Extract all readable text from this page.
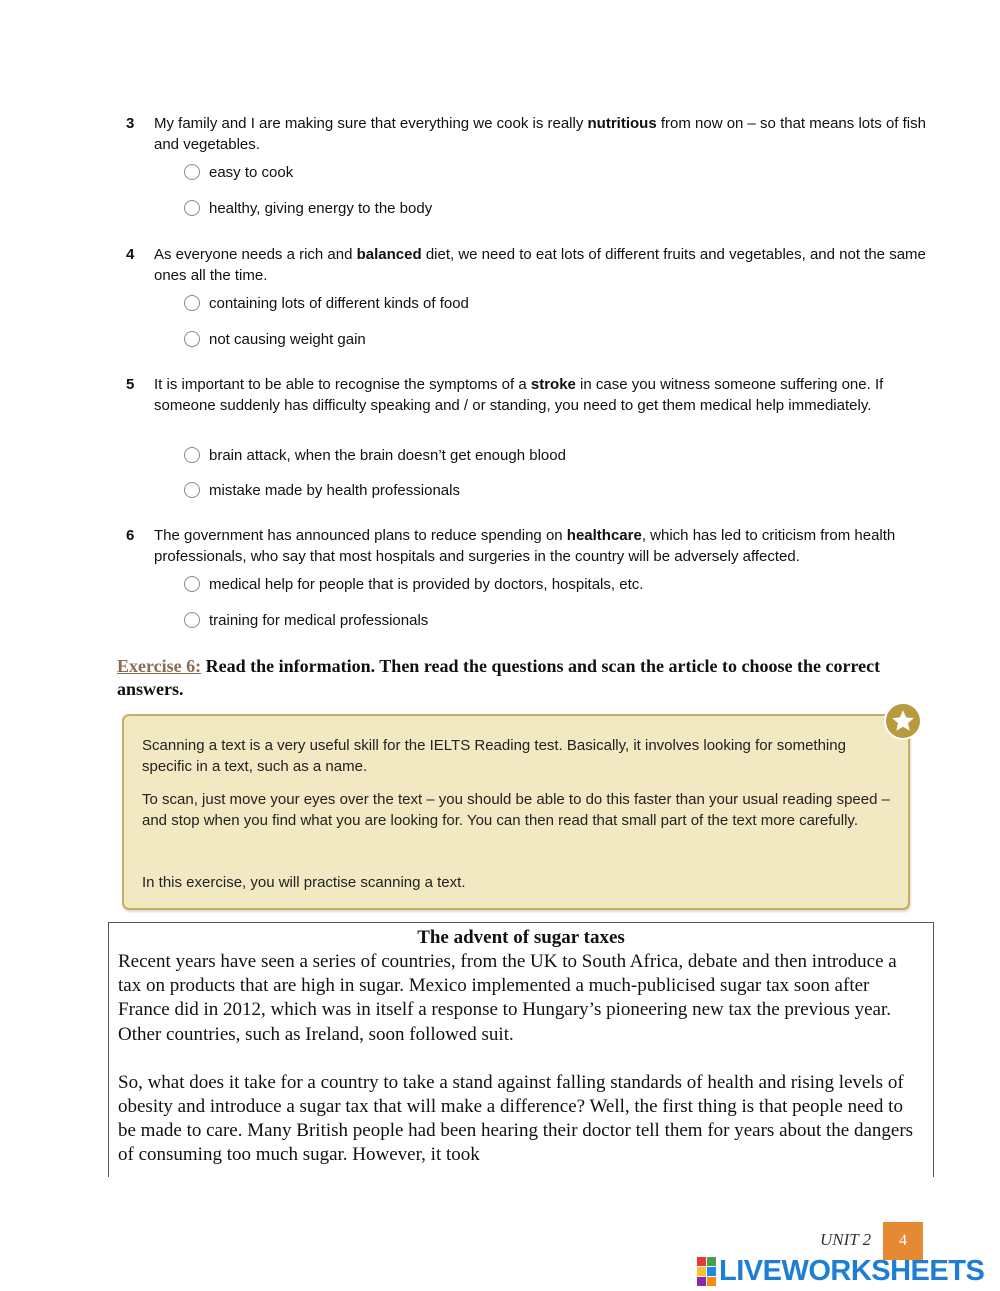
3 My family and I are making sure that everything we cook is really nutritious from now on – so that means lots of fish and vegetables.
easy to cook
healthy, giving energy to the body
4 As everyone needs a rich and balanced diet, we need to eat lots of different fruits and vegetables, and not the same ones all the time.
containing lots of different kinds of food
not causing weight gain
5 It is important to be able to recognise the symptoms of a stroke in case you witness someone suffering one. If someone suddenly has difficulty speaking and / or standing, you need to get them medical help immediately.
brain attack, when the brain doesn’t get enough blood
mistake made by health professionals
6 The government has announced plans to reduce spending on healthcare, which has led to criticism from health professionals, who say that most hospitals and surgeries in the country will be adversely affected.
medical help for people that is provided by doctors, hospitals, etc.
training for medical professionals
Exercise 6: Read the information. Then read the questions and scan the article to choose the correct answers.

Scanning a text is a very useful skill for the IELTS Reading test. Basically, it involves looking for something specific in a text, such as a name.

To scan, just move your eyes over the text – you should be able to do this faster than your usual reading speed – and stop when you find what you are looking for. You can then read that small part of the text more carefully.

In this exercise, you will practise scanning a text.

The advent of sugar taxes

Recent years have seen a series of countries, from the UK to South Africa, debate and then introduce a tax on products that are high in sugar. Mexico implemented a much-publicised sugar tax soon after France did in 2012, which was in itself a response to Hungary’s pioneering new tax the previous year. Other countries, such as Ireland, soon followed suit.

So, what does it take for a country to take a stand against falling standards of health and rising levels of obesity and introduce a sugar tax that will make a difference? Well, the first thing is that people need to be made to care. Many British people had been hearing their doctor tell them for years about the dangers of consuming too much sugar. However, it took

UNIT 2	4
LIVEWORKSHEETS
